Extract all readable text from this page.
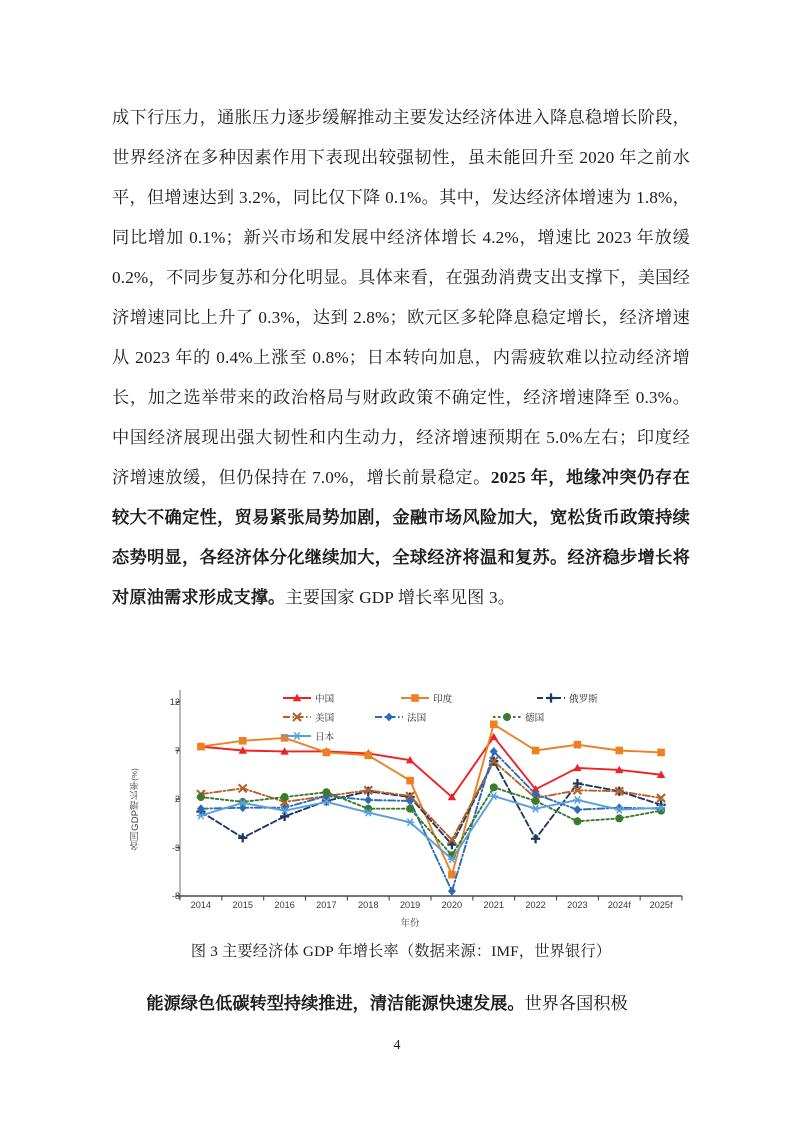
成下行压力，通胀压力逐步缓解推动主要发达经济体进入降息稳增长阶段，世界经济在多种因素作用下表现出较强韧性，虽未能回升至 2020 年之前水平，但增速达到 3.2%，同比仅下降 0.1%。其中，发达经济体增速为 1.8%，同比增加 0.1%；新兴市场和发展中经济体增长 4.2%，增速比 2023 年放缓 0.2%，不同步复苏和分化明显。具体来看，在强劲消费支出支撑下，美国经济增速同比上升了 0.3%，达到 2.8%；欧元区多轮降息稳定增长，经济增速从 2023 年的 0.4%上涨至 0.8%；日本转向加息，内需疲软难以拉动经济增长，加之选举带来的政治格局与财政政策不确定性，经济增速降至 0.3%。中国经济展现出强大韧性和内生动力，经济增速预期在 5.0%左右；印度经济增速放缓，但仍保持在 7.0%，增长前景稳定。2025 年，地缘冲突仍存在较大不确定性，贸易紧张局势加剧，金融市场风险加大，宽松货币政策持续态势明显，各经济体分化继续加大，全球经济将温和复苏。经济稳步增长将对原油需求形成支撑。主要国家 GDP 增长率见图 3。

各国GDP增长率(%)
12
7
2
-3
-8
2014 2015 2016 2017 2018 2019 2020 2021 2022 2023 2024f 2025f
年份
中国	印度	俄罗斯
美国	法国	德国
日本
图 3 主要经济体 GDP 年增长率（数据来源：IMF，世界银行）
能源绿色低碳转型持续推进，清洁能源快速发展。世界各国积极
4
